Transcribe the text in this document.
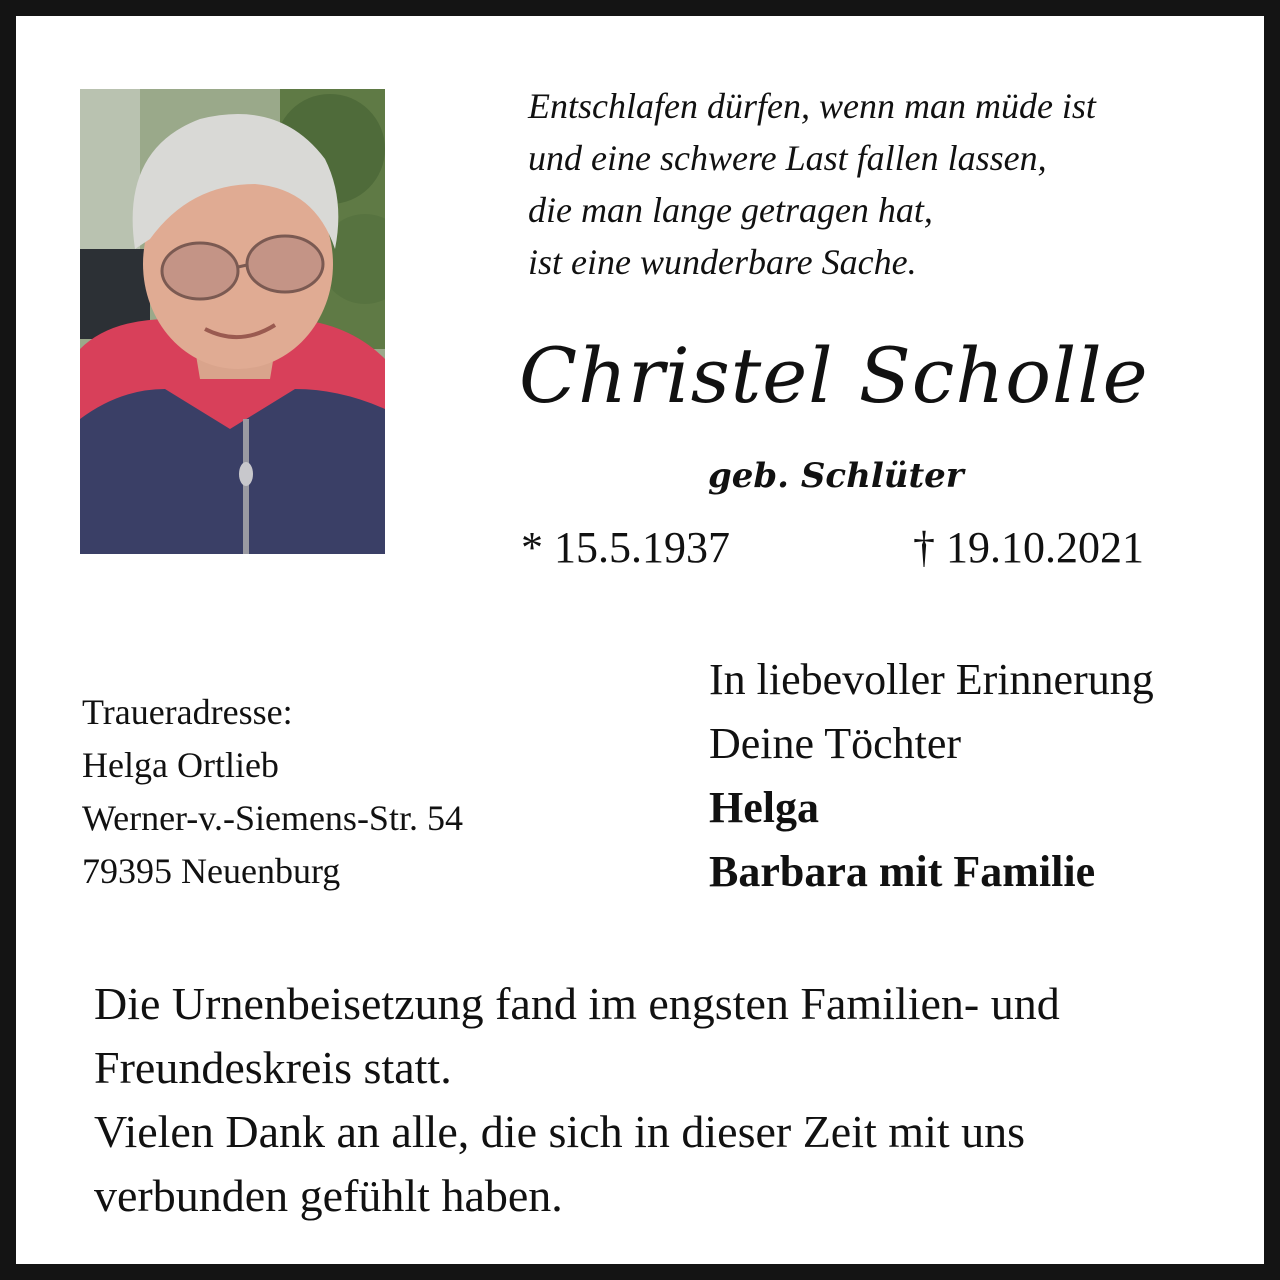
Entschlafen dürfen, wenn man müde ist
und eine schwere Last fallen lassen,
die man lange getragen hat,
ist eine wunderbare Sache.
Christel Scholle
geb. Schlüter
* 15.5.1937	† 19.10.2021
Traueradresse:
Helga Ortlieb
Werner-v.-Siemens-Str. 54
79395 Neuenburg
In liebevoller Erinnerung
Deine Töchter
Helga
Barbara mit Familie
Die Urnenbeisetzung fand im engsten Familien- und
Freundeskreis statt.
Vielen Dank an alle, die sich in dieser Zeit mit uns
verbunden gefühlt haben.
